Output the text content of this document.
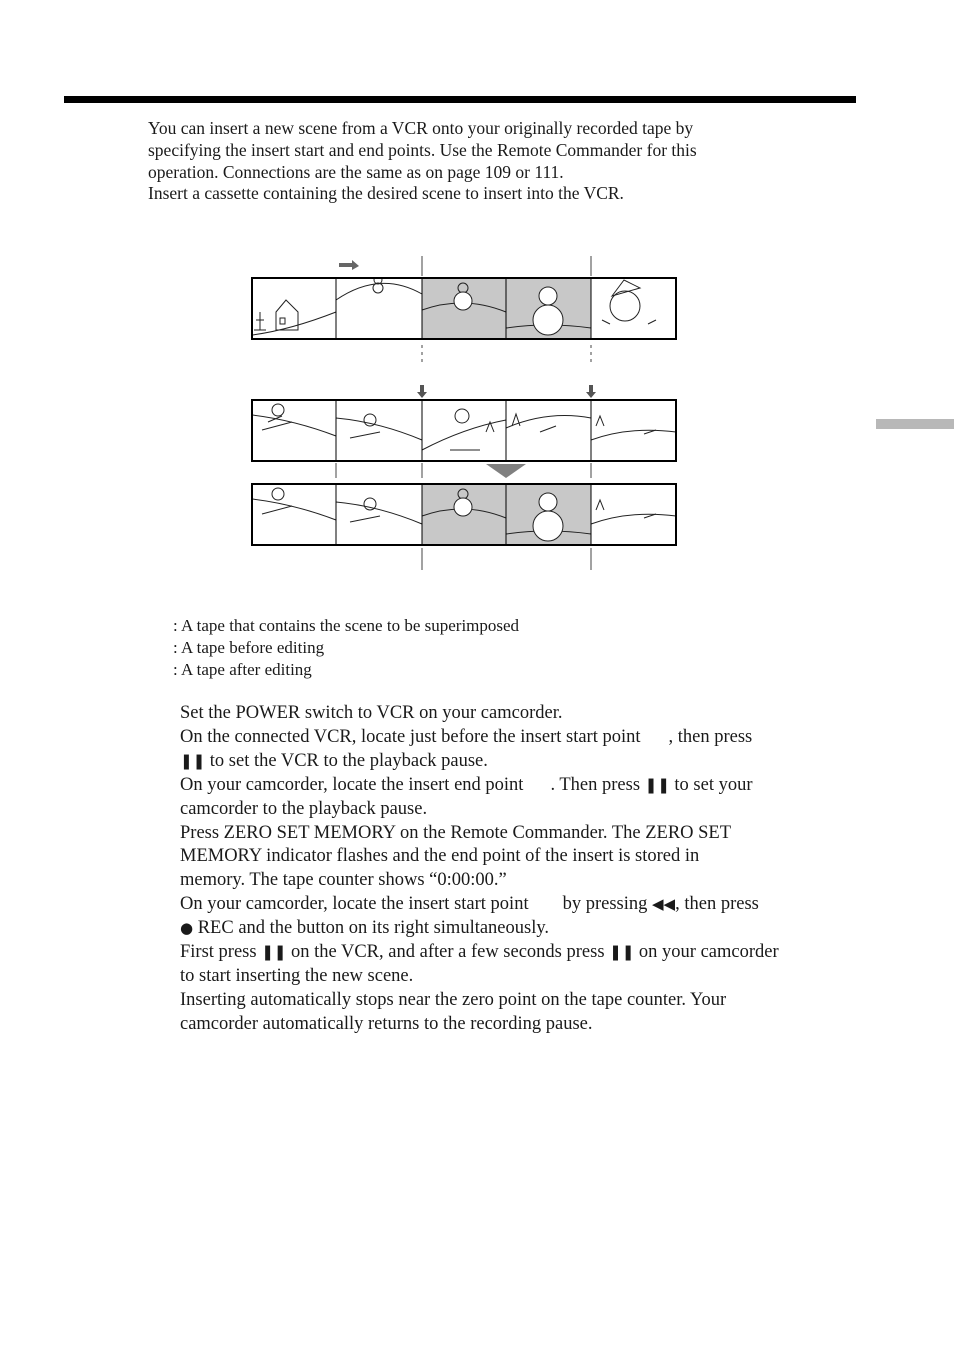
You can insert a new scene from a VCR onto your originally recorded tape by

specifying the insert start and end points. Use the Remote Commander for this

operation. Connections are the same as on page 109 or 111.

Insert a cassette containing the desired scene to insert into the VCR.

: A tape that contains the scene to be superimposed
: A tape before editing
: A tape after editing

Set the POWER switch to VCR on your camcorder.

On the connected VCR, locate just before the insert start point , then press

❚❚ to set the VCR to the playback pause.

On your camcorder, locate the insert end point . Then press ❚❚ to set your

camcorder to the playback pause.

Press ZERO SET MEMORY on the Remote Commander. The ZERO SET

MEMORY indicator flashes and the end point of the insert is stored in

memory. The tape counter shows “0:00:00.”

On your camcorder, locate the insert start point by pressing ◀◀, then press

● REC and the button on its right simultaneously.

First press ❚❚ on the VCR, and after a few seconds press ❚❚ on your camcorder

to start inserting the new scene.

Inserting automatically stops near the zero point on the tape counter. Your

camcorder automatically returns to the recording pause.
